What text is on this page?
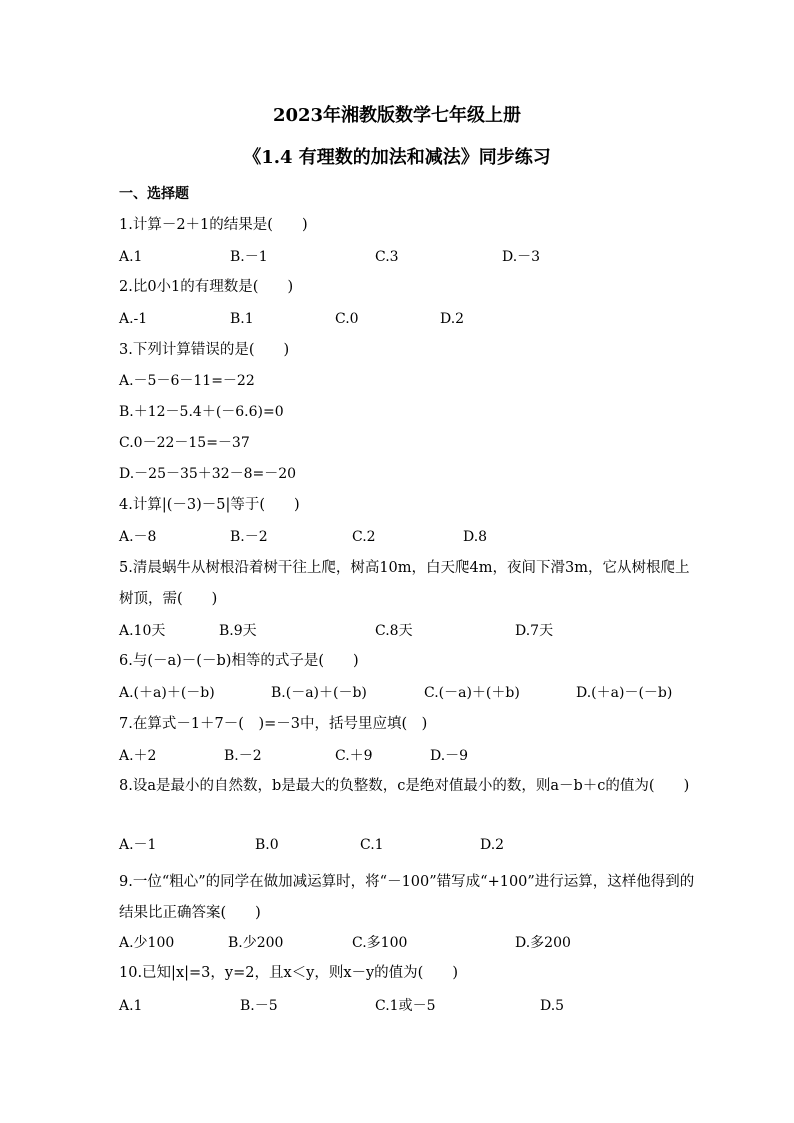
2023年湘教版数学七年级上册
《1.4 有理数的加法和减法》同步练习
一、选择题
1.计算－2＋1的结果是(　　)
A.1	B.－1	C.3	D.－3
2.比0小1的有理数是(　　)
A.-1	B.1	C.0	D.2
3.下列计算错误的是(　　)
A.－5－6－11=－22
B.＋12－5.4＋(－6.6)=0
C.0－22－15=－37
D.－25－35＋32－8=－20
4.计算|(－3)－5|等于(　　)
A.－8	B.－2	C.2	D.8
5.清晨蜗牛从树根沿着树干往上爬，树高10m，白天爬4m，夜间下滑3m，它从树根爬上树顶，需(　　)
A.10天	B.9天	C.8天	D.7天
6.与(－a)－(－b)相等的式子是(　　)
A.(＋a)＋(－b)	B.(－a)＋(－b)	C.(－a)＋(＋b)	D.(＋a)－(－b)
7.在算式－1＋7－(　)=－3中，括号里应填(　)
A.＋2	B.－2	C.＋9	D.－9
8.设a是最小的自然数，b是最大的负整数，c是绝对值最小的数，则a－b＋c的值为(　　)
A.－1	B.0	C.1	D.2
9.一位“粗心”的同学在做加减运算时，将“－100”错写成“+100”进行运算，这样他得到的结果比正确答案(　　)
A.少100	B.少200	C.多100	D.多200
10.已知|x|=3，y=2，且x＜y，则x－y的值为(　　)
A.1	B.－5	C.1或－5	D.5
